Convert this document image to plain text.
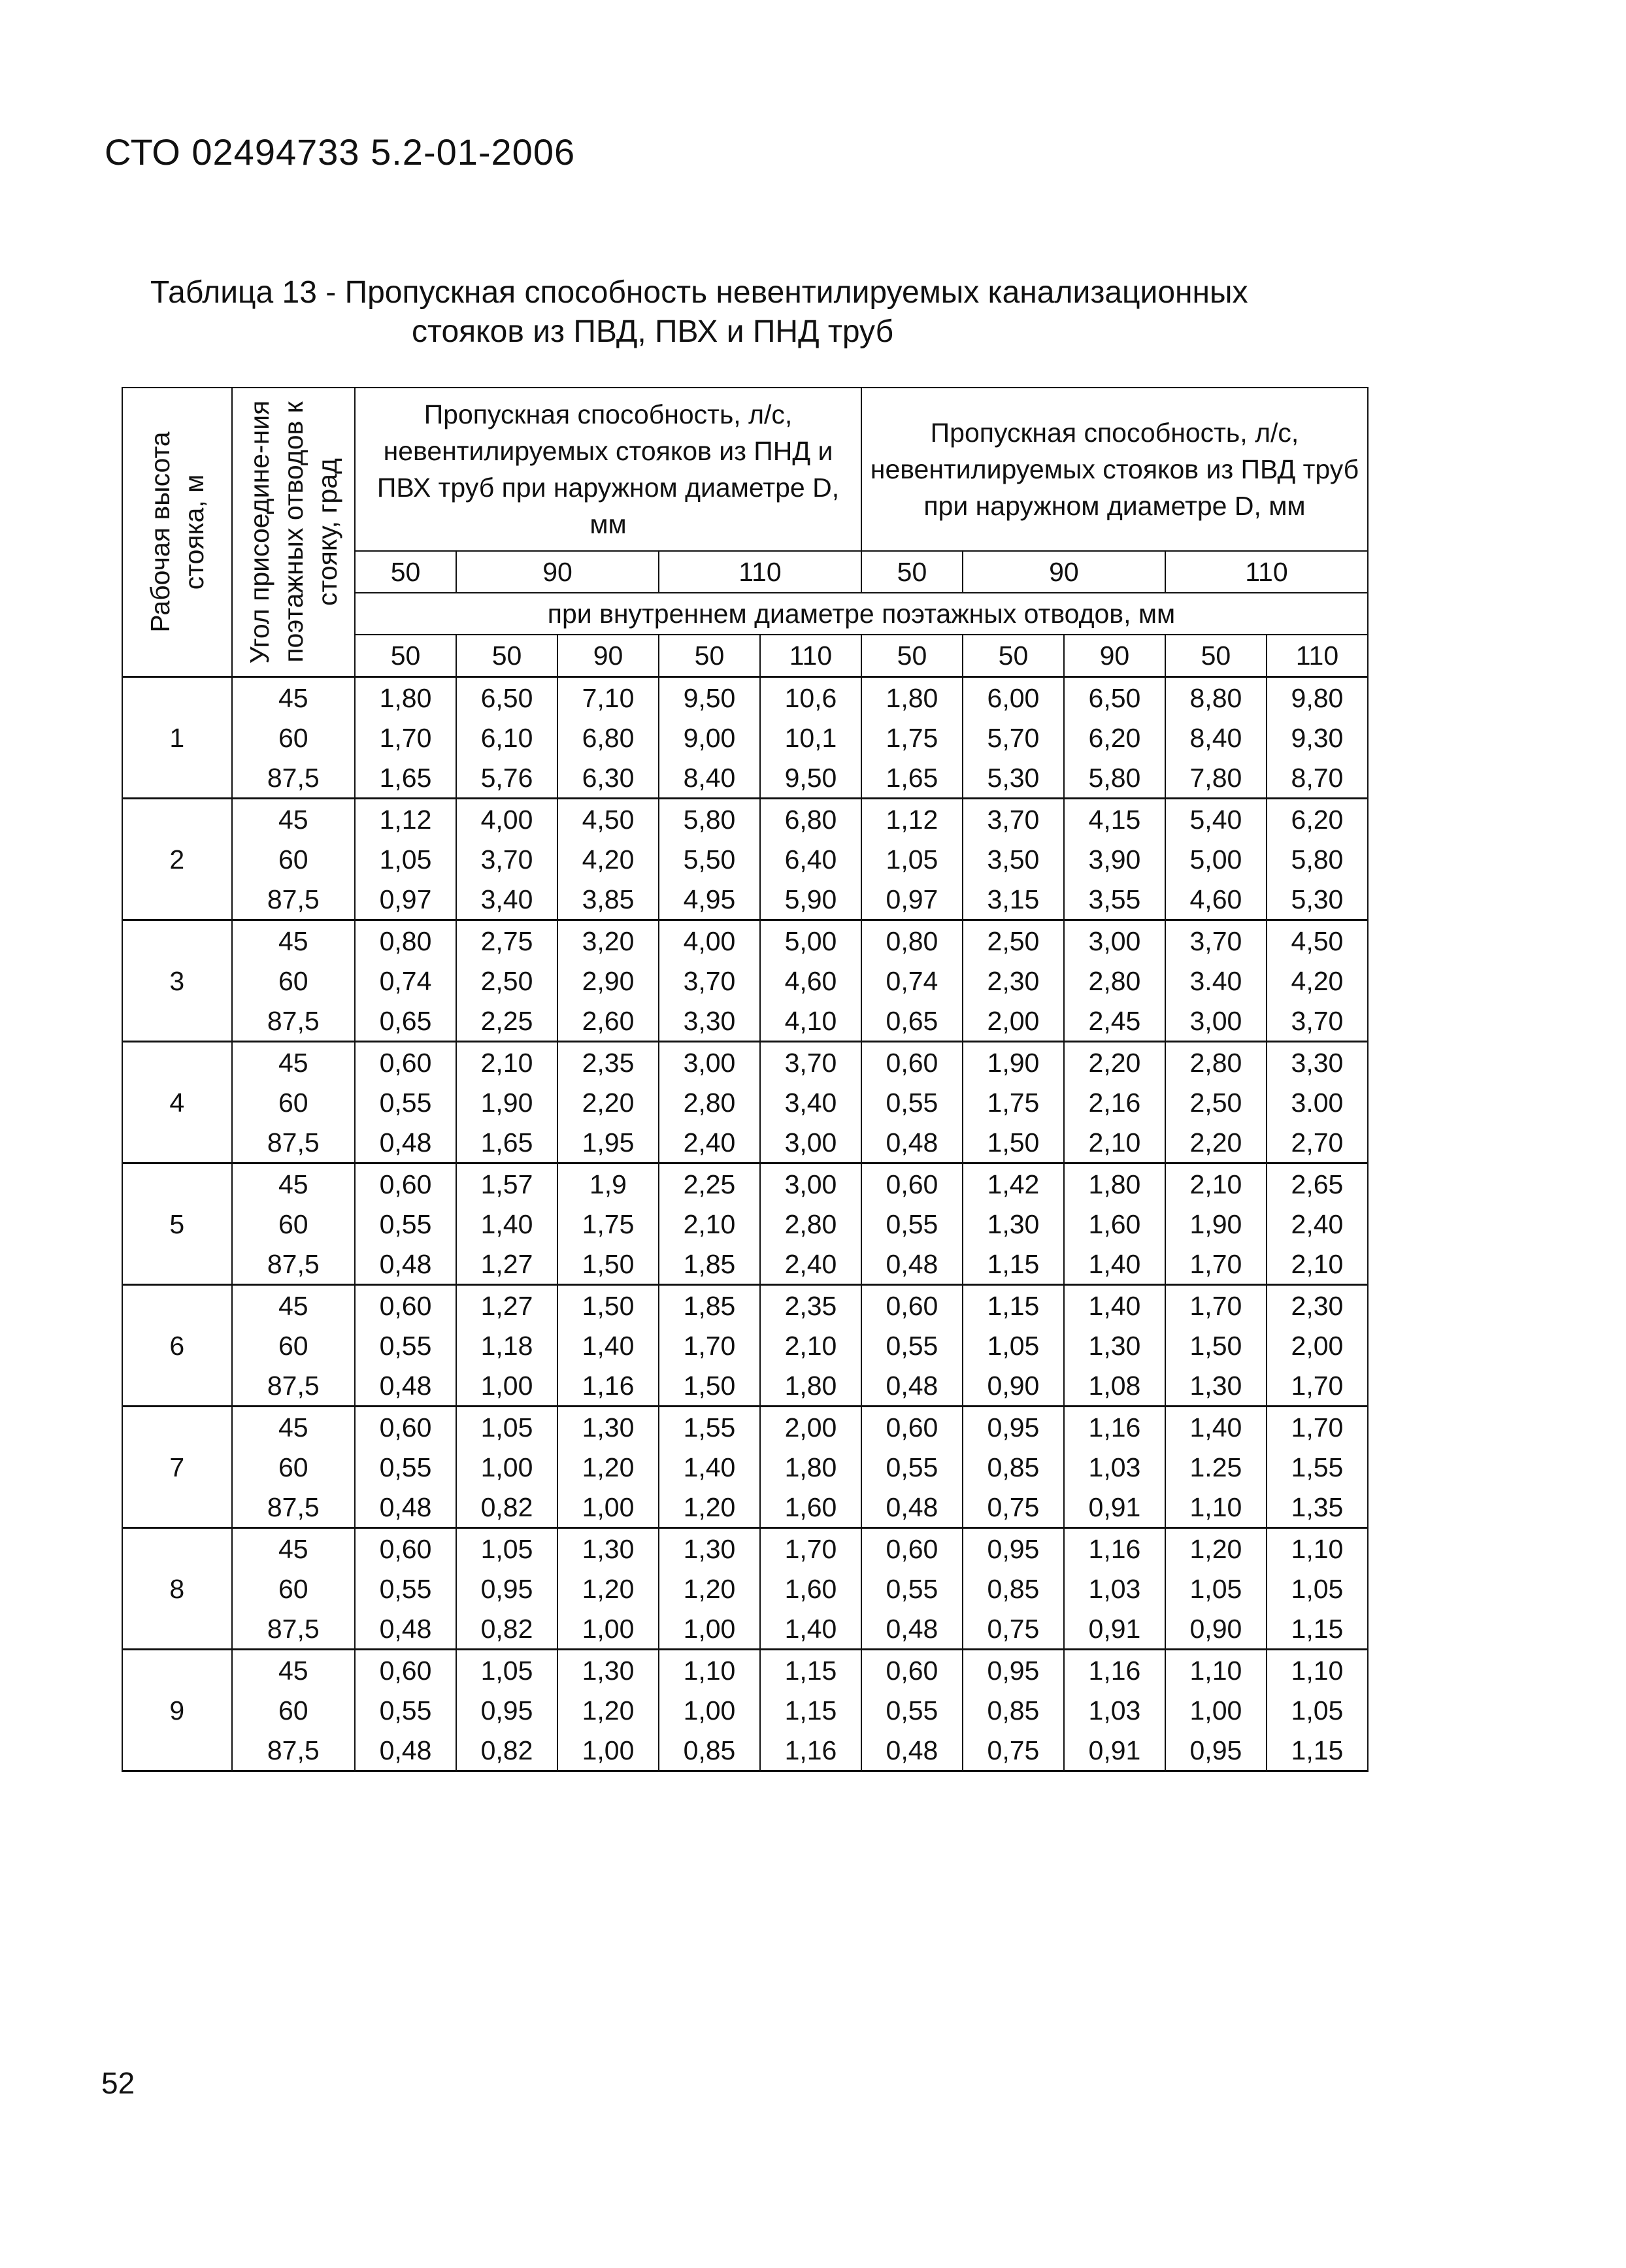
СТО 02494733 5.2-01-2006
Таблица 13 - Пропускная способность невентилируемых канализационных
стояков из ПВД, ПВХ и ПНД труб
Рабочая высота стояка, м	Угол присоедине-ния поэтажных отводов к стояку, град	Пропускная способность, л/с, невентилируемых стояков из ПНД и ПВХ труб при наружном диаметре D, мм					Пропускная способность, л/с, невентилируемых стояков из ПВД труб при наружном диаметре D, мм				
		50	90		110		50	90		110	
		при внутреннем диаметре поэтажных отводов, мм									
		50	50	90	50	110	50	50	90	50	110
1	45	1,80	6,50	7,10	9,50	10,6	1,80	6,00	6,50	8,80	9,80
	60	1,70	6,10	6,80	9,00	10,1	1,75	5,70	6,20	8,40	9,30
	87,5	1,65	5,76	6,30	8,40	9,50	1,65	5,30	5,80	7,80	8,70
2	45	1,12	4,00	4,50	5,80	6,80	1,12	3,70	4,15	5,40	6,20
	60	1,05	3,70	4,20	5,50	6,40	1,05	3,50	3,90	5,00	5,80
	87,5	0,97	3,40	3,85	4,95	5,90	0,97	3,15	3,55	4,60	5,30
3	45	0,80	2,75	3,20	4,00	5,00	0,80	2,50	3,00	3,70	4,50
	60	0,74	2,50	2,90	3,70	4,60	0,74	2,30	2,80	3.40	4,20
	87,5	0,65	2,25	2,60	3,30	4,10	0,65	2,00	2,45	3,00	3,70
4	45	0,60	2,10	2,35	3,00	3,70	0,60	1,90	2,20	2,80	3,30
	60	0,55	1,90	2,20	2,80	3,40	0,55	1,75	2,16	2,50	3.00
	87,5	0,48	1,65	1,95	2,40	3,00	0,48	1,50	2,10	2,20	2,70
5	45	0,60	1,57	1,9	2,25	3,00	0,60	1,42	1,80	2,10	2,65
	60	0,55	1,40	1,75	2,10	2,80	0,55	1,30	1,60	1,90	2,40
	87,5	0,48	1,27	1,50	1,85	2,40	0,48	1,15	1,40	1,70	2,10
6	45	0,60	1,27	1,50	1,85	2,35	0,60	1,15	1,40	1,70	2,30
	60	0,55	1,18	1,40	1,70	2,10	0,55	1,05	1,30	1,50	2,00
	87,5	0,48	1,00	1,16	1,50	1,80	0,48	0,90	1,08	1,30	1,70
7	45	0,60	1,05	1,30	1,55	2,00	0,60	0,95	1,16	1,40	1,70
	60	0,55	1,00	1,20	1,40	1,80	0,55	0,85	1,03	1.25	1,55
	87,5	0,48	0,82	1,00	1,20	1,60	0,48	0,75	0,91	1,10	1,35
8	45	0,60	1,05	1,30	1,30	1,70	0,60	0,95	1,16	1,20	1,10
	60	0,55	0,95	1,20	1,20	1,60	0,55	0,85	1,03	1,05	1,05
	87,5	0,48	0,82	1,00	1,00	1,40	0,48	0,75	0,91	0,90	1,15
9	45	0,60	1,05	1,30	1,10	1,15	0,60	0,95	1,16	1,10	1,10
	60	0,55	0,95	1,20	1,00	1,15	0,55	0,85	1,03	1,00	1,05
	87,5	0,48	0,82	1,00	0,85	1,16	0,48	0,75	0,91	0,95	1,15
52
